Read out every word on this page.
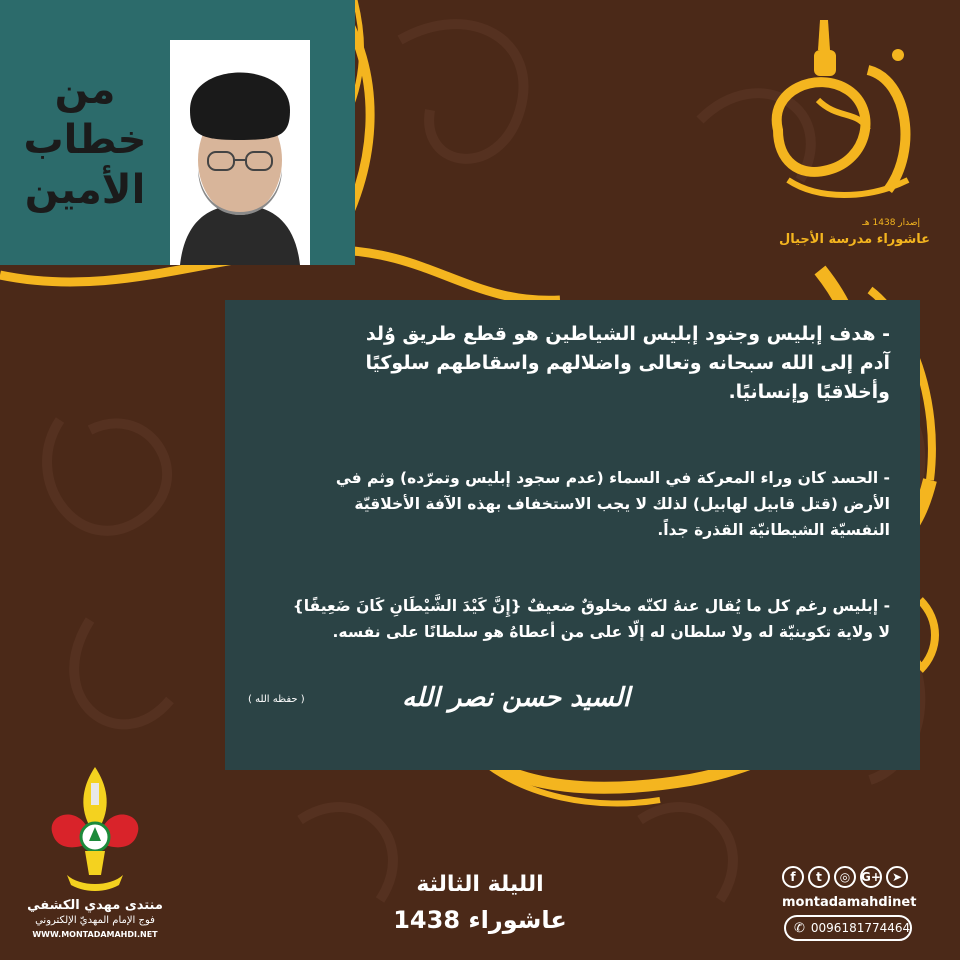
من
خطاب
الأمين
إصدار 1438 هـ
عاشوراء مدرسة الأجيال
- هدف إبليس وجنود إبليس الشياطين هو قطع طريق وُلد آدم إلى الله سبحانه وتعالى واضلالهم واسقاطهم سلوكيًا وأخلاقيًا وإنسانيًا.
- الحسد كان وراء المعركة في السماء (عدم سجود إبليس وتمرّده) وثم في الأرض (قتل قابيل لهابيل) لذلك لا يجب الاستخفاف بهذه الآفة الأخلاقيّة النفسيّة الشيطانيّة القذرة جداً.
- إبليس رغم كل ما يُقال عنهُ لكنّه مخلوقٌ ضعيفٌ {إِنَّ كَيْدَ الشَّيْطَانِ كَانَ ضَعِيفًا} لا ولاية تكوينيّة له ولا سلطان له إلّا على من أعطاهُ هو سلطانًا على نفسه.
السيد حسن نصر الله
( حفظه الله )
منتدى مهدي الكشفي
فوج الإمام المهديّ الإلكتروني
WWW.MONTADAMAHDI.NET
الليلة الثالثة
عاشوراء 1438
f	t	◎ G+ ➤
montadamahdinet
✆ 0096181774464
